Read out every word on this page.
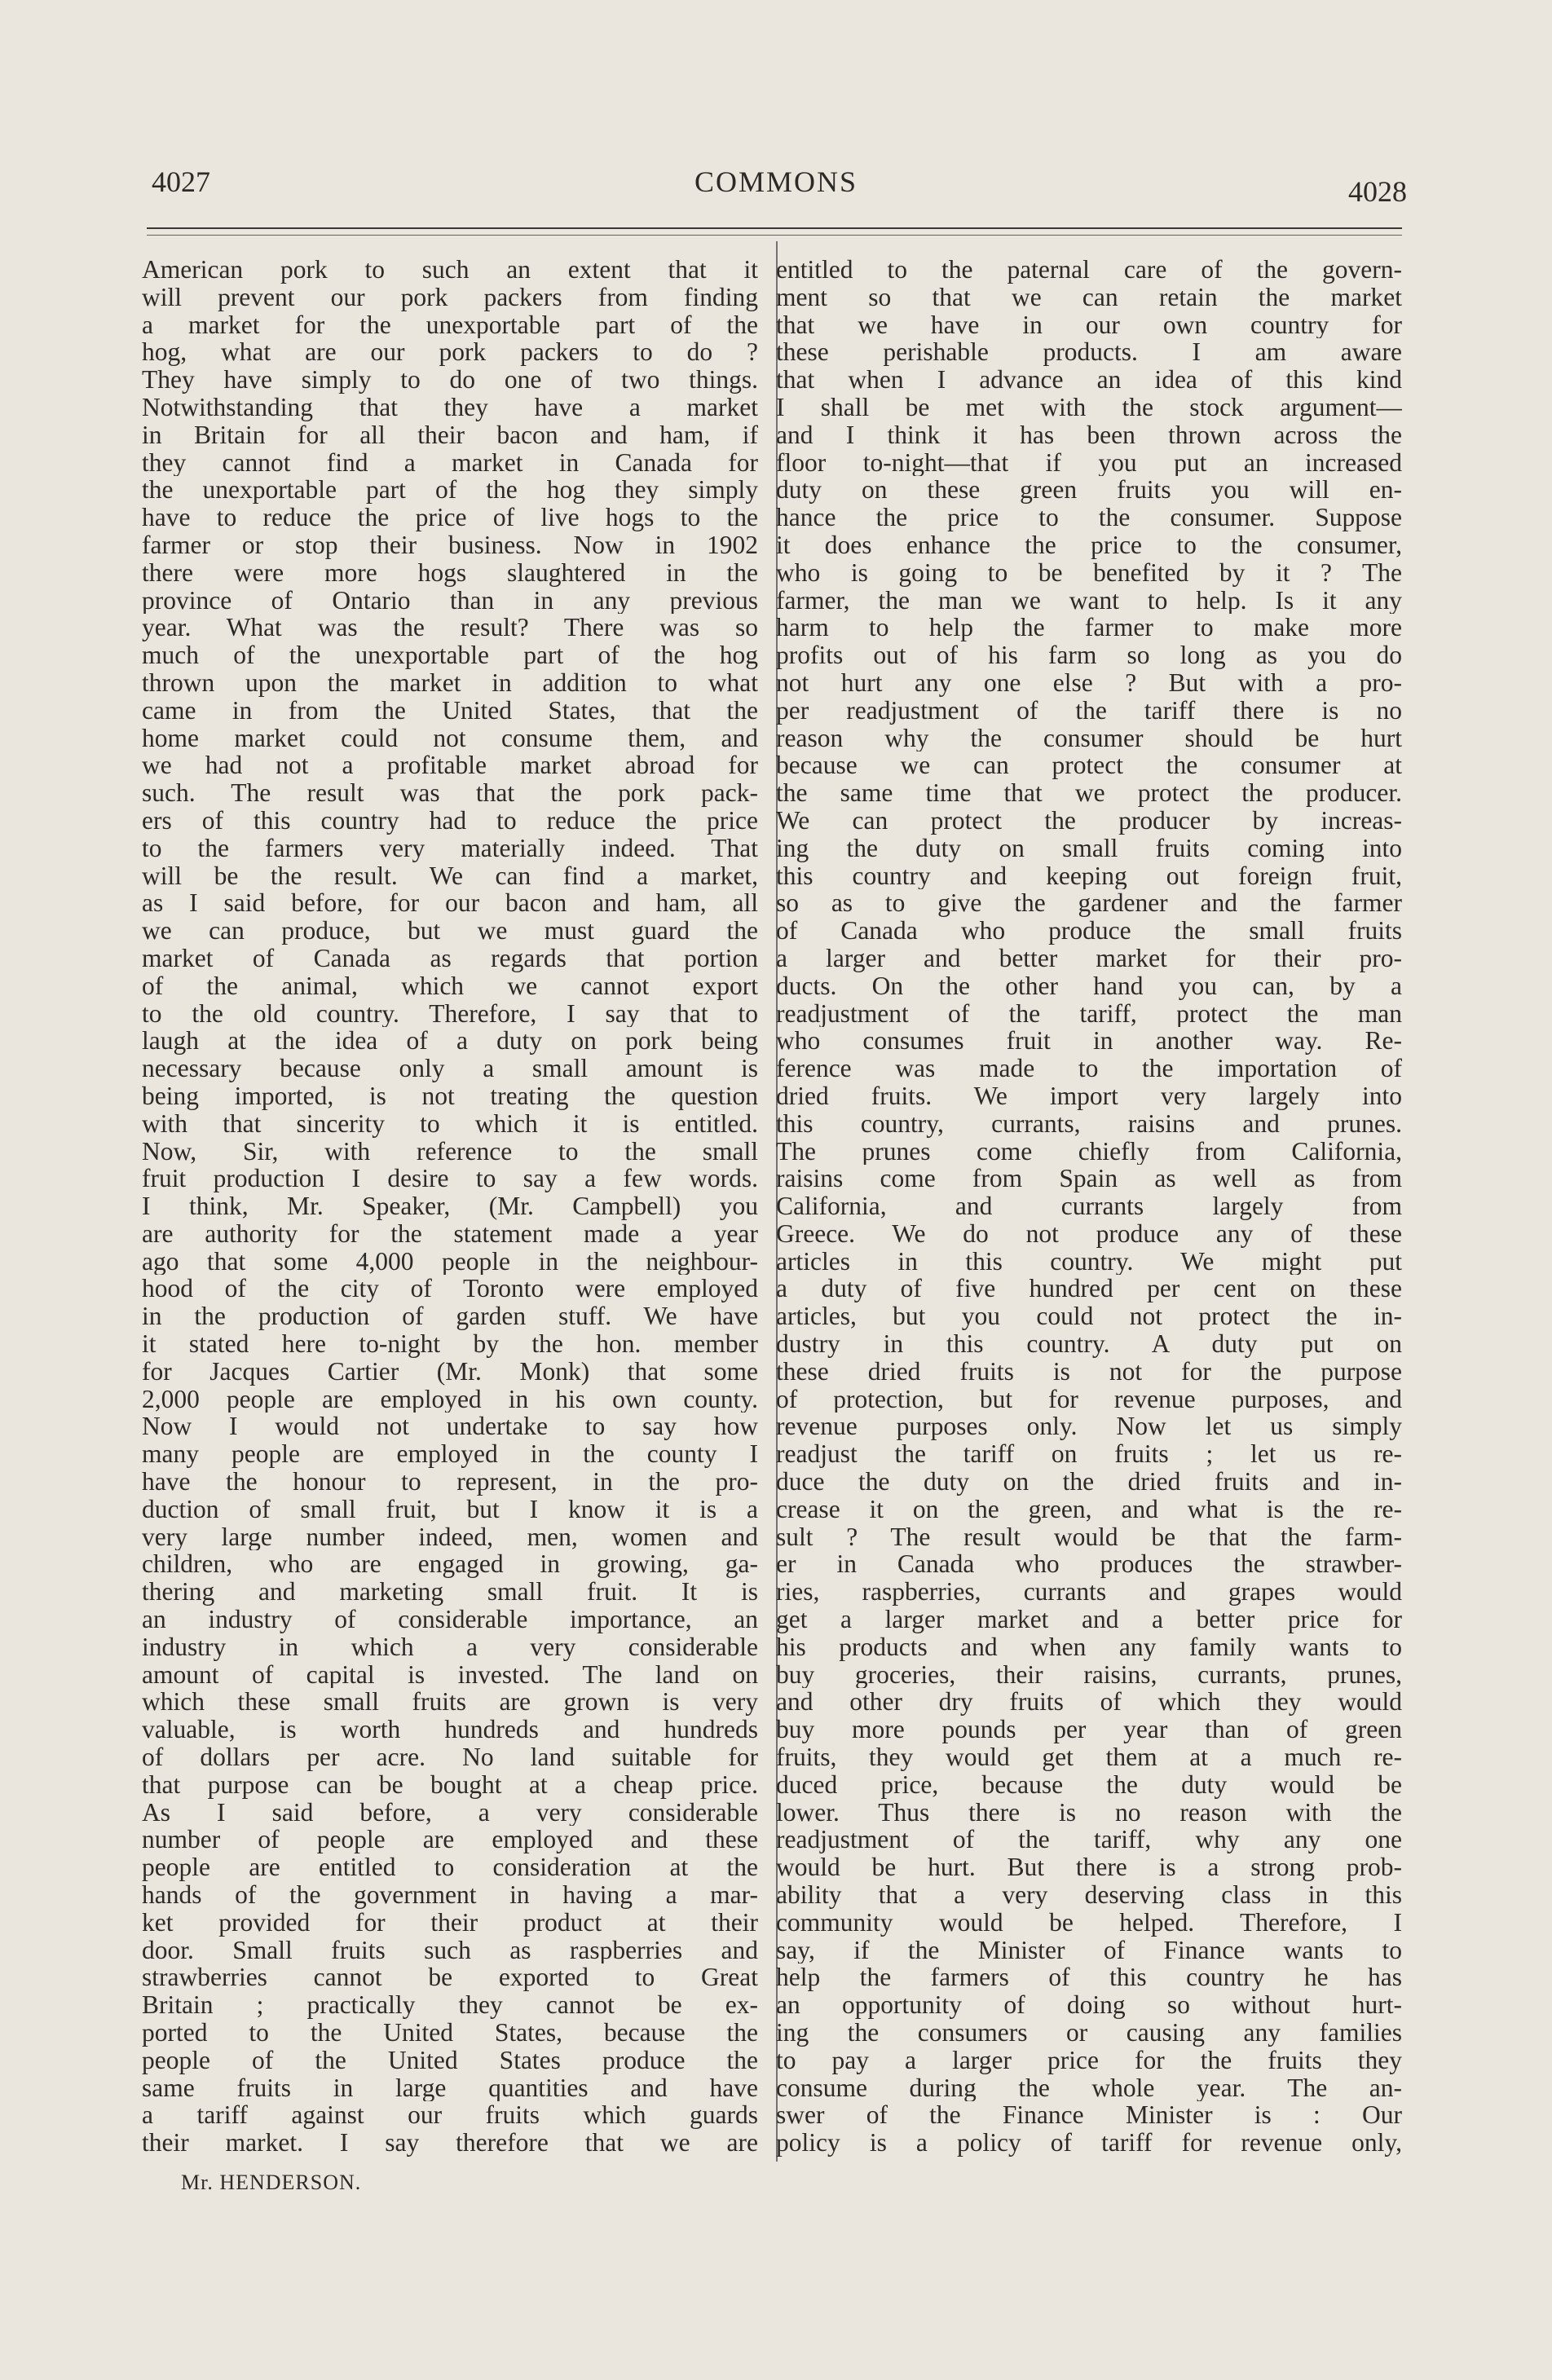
4027	COMMONS	4028
American pork to such an extent that it
will prevent our pork packers from finding
a market for the unexportable part of the
hog, what are our pork packers to do ?
They have simply to do one of two things.
Notwithstanding that they have a market
in Britain for all their bacon and ham, if
they cannot find a market in Canada for
the unexportable part of the hog they simply
have to reduce the price of live hogs to the
farmer or stop their business. Now in 1902
there were more hogs slaughtered in the
province of Ontario than in any previous
year. What was the result? There was so
much of the unexportable part of the hog
thrown upon the market in addition to what
came in from the United States, that the
home market could not consume them, and
we had not a profitable market abroad for
such. The result was that the pork pack-
ers of this country had to reduce the price
to the farmers very materially indeed. That
will be the result. We can find a market,
as I said before, for our bacon and ham, all
we can produce, but we must guard the
market of Canada as regards that portion
of the animal, which we cannot export
to the old country. Therefore, I say that to
laugh at the idea of a duty on pork being
necessary because only a small amount is
being imported, is not treating the question
with that sincerity to which it is entitled.
Now, Sir, with reference to the small
fruit production I desire to say a few words.
I think, Mr. Speaker, (Mr. Campbell) you
are authority for the statement made a year
ago that some 4,000 people in the neighbour-
hood of the city of Toronto were employed
in the production of garden stuff. We have
it stated here to-night by the hon. member
for Jacques Cartier (Mr. Monk) that some
2,000 people are employed in his own county.
Now I would not undertake to say how
many people are employed in the county I
have the honour to represent, in the pro-
duction of small fruit, but I know it is a
very large number indeed, men, women and
children, who are engaged in growing, ga-
thering and marketing small fruit. It is
an industry of considerable importance, an
industry in which a very considerable
amount of capital is invested. The land on
which these small fruits are grown is very
valuable, is worth hundreds and hundreds
of dollars per acre. No land suitable for
that purpose can be bought at a cheap price.
As I said before, a very considerable
number of people are employed and these
people are entitled to consideration at the
hands of the government in having a mar-
ket provided for their product at their
door. Small fruits such as raspberries and
strawberries cannot be exported to Great
Britain ; practically they cannot be ex-
ported to the United States, because the
people of the United States produce the
same fruits in large quantities and have
a tariff against our fruits which guards
their market. I say therefore that we are
entitled to the paternal care of the govern-
ment so that we can retain the market
that we have in our own country for
these perishable products. I am aware
that when I advance an idea of this kind
I shall be met with the stock argument—
and I think it has been thrown across the
floor to-night—that if you put an increased
duty on these green fruits you will en-
hance the price to the consumer. Suppose
it does enhance the price to the consumer,
who is going to be benefited by it ? The
farmer, the man we want to help. Is it any
harm to help the farmer to make more
profits out of his farm so long as you do
not hurt any one else ? But with a pro-
per readjustment of the tariff there is no
reason why the consumer should be hurt
because we can protect the consumer at
the same time that we protect the producer.
We can protect the producer by increas-
ing the duty on small fruits coming into
this country and keeping out foreign fruit,
so as to give the gardener and the farmer
of Canada who produce the small fruits
a larger and better market for their pro-
ducts. On the other hand you can, by a
readjustment of the tariff, protect the man
who consumes fruit in another way. Re-
ference was made to the importation of
dried fruits. We import very largely into
this country, currants, raisins and prunes.
The prunes come chiefly from California,
raisins come from Spain as well as from
California, and currants largely from
Greece. We do not produce any of these
articles in this country. We might put
a duty of five hundred per cent on these
articles, but you could not protect the in-
dustry in this country. A duty put on
these dried fruits is not for the purpose
of protection, but for revenue purposes, and
revenue purposes only. Now let us simply
readjust the tariff on fruits ; let us re-
duce the duty on the dried fruits and in-
crease it on the green, and what is the re-
sult ? The result would be that the farm-
er in Canada who produces the strawber-
ries, raspberries, currants and grapes would
get a larger market and a better price for
his products and when any family wants to
buy groceries, their raisins, currants, prunes,
and other dry fruits of which they would
buy more pounds per year than of green
fruits, they would get them at a much re-
duced price, because the duty would be
lower. Thus there is no reason with the
readjustment of the tariff, why any one
would be hurt. But there is a strong prob-
ability that a very deserving class in this
community would be helped. Therefore, I
say, if the Minister of Finance wants to
help the farmers of this country he has
an opportunity of doing so without hurt-
ing the consumers or causing any families
to pay a larger price for the fruits they
consume during the whole year. The an-
swer of the Finance Minister is : Our
policy is a policy of tariff for revenue only,
Mr. HENDERSON.
